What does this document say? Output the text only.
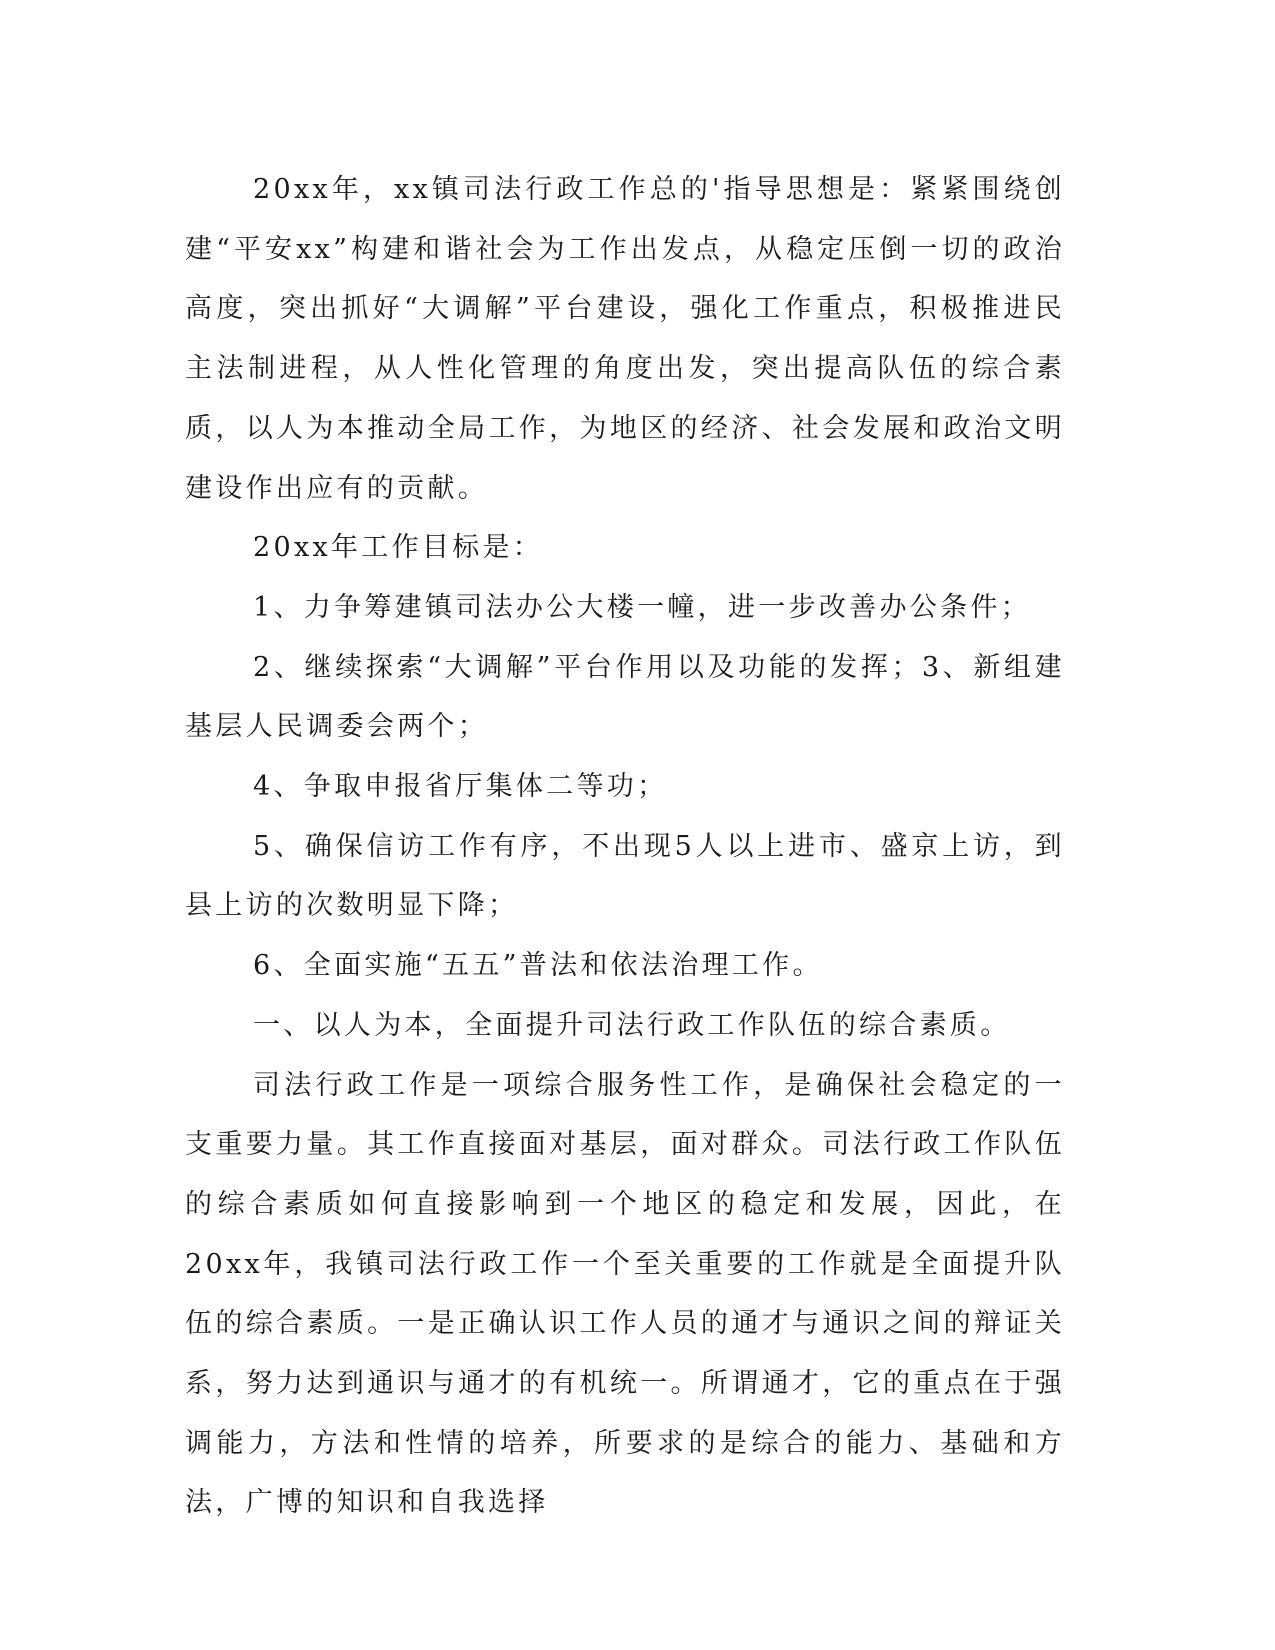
20xx年，xx镇司法行政工作总的'指导思想是：紧紧围绕创建“平安xx”构建和谐社会为工作出发点，从稳定压倒一切的政治高度，突出抓好“大调解”平台建设，强化工作重点，积极推进民主法制进程，从人性化管理的角度出发，突出提高队伍的综合素质，以人为本推动全局工作，为地区的经济、社会发展和政治文明建设作出应有的贡献。

20xx年工作目标是：

1、力争筹建镇司法办公大楼一幢，进一步改善办公条件；

2、继续探索“大调解”平台作用以及功能的发挥；3、新组建基层人民调委会两个；

4、争取申报省厅集体二等功；

5、确保信访工作有序，不出现5人以上进市、盛京上访，到县上访的次数明显下降；

6、全面实施“五五”普法和依法治理工作。

一、以人为本，全面提升司法行政工作队伍的综合素质。

司法行政工作是一项综合服务性工作，是确保社会稳定的一支重要力量。其工作直接面对基层，面对群众。司法行政工作队伍的综合素质如何直接影响到一个地区的稳定和发展，因此，在20xx年，我镇司法行政工作一个至关重要的工作就是全面提升队伍的综合素质。一是正确认识工作人员的通才与通识之间的辩证关系，努力达到通识与通才的有机统一。所谓通才，它的重点在于强调能力，方法和性情的培养，所要求的是综合的能力、基础和方法，广博的知识和自我选择
